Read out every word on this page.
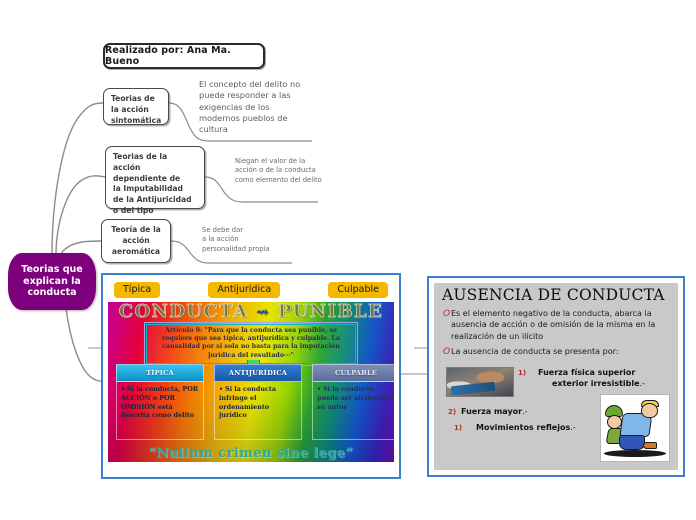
Realizado por: Ana Ma. Bueno
Teorias que
explican la
conducta
Teorias de
la acción
sintomática
Teorias de la acción
dependiente de
la Imputabilidad
de la Antijuricidad
o del tipo
Teoría de la
acción
aeromática
El concepto del delito no puede responder a las exigencias de los modernos pueblos de cultura
Niegan el valor de la acción o de la conducta como elemento del delito
Se debe dar
a la acción
personalidad propia
Típica	Antijurídica	Culpable
CONDUCTA ⇝ PUNIBLE
Artículo 9: "Para que la conducta sea punible, se requiere que sea típica, antijurídica y culpable. La causalidad por si sola no basta para la imputación jurídica del resultado···"
TÍPICA
• Si la conducta, POR ACCIÓN o POR OMISIÓN está descrita como delito
ANTIJURÍDICA
• Si la conducta infringe el ordenamiento jurídico
CULPABLE
• Si la conducta puede ser atribuida a su autor
“Nullum crimen sine lege”
AUSENCIA DE CONDUCTA
O Es el elemento negativo de la conducta, abarca la ausencia de acción o de omisión de la misma en la realización de un ilícito
O La ausencia de conducta se presenta por:
1) Fuerza física superior
exterior irresistible.-
2) Fuerza mayor.-
1) Movimientos reflejos.-
